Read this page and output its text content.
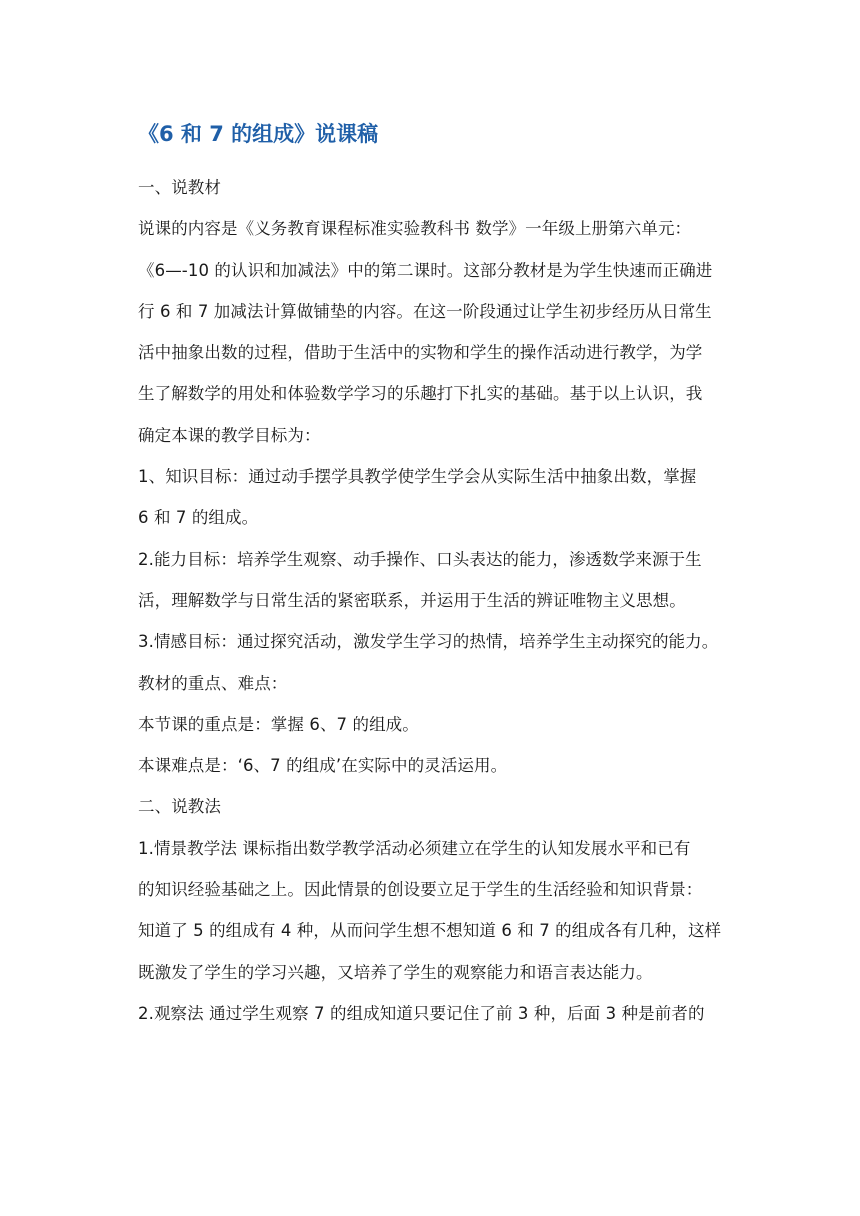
《6 和 7 的组成》说课稿
一、说教材
说课的内容是《义务教育课程标准实验教科书 数学》一年级上册第六单元：
《6—-10 的认识和加减法》中的第二课时。这部分教材是为学生快速而正确进
行 6 和 7 加减法计算做铺垫的内容。在这一阶段通过让学生初步经历从日常生
活中抽象出数的过程，借助于生活中的实物和学生的操作活动进行教学，为学
生了解数学的用处和体验数学学习的乐趣打下扎实的基础。基于以上认识，我
确定本课的教学目标为：
1、知识目标：通过动手摆学具教学使学生学会从实际生活中抽象出数，掌握
6 和 7 的组成。
2.能力目标：培养学生观察、动手操作、口头表达的能力，渗透数学来源于生
活，理解数学与日常生活的紧密联系，并运用于生活的辨证唯物主义思想。
3.情感目标：通过探究活动，激发学生学习的热情，培养学生主动探究的能力。
教材的重点、难点：
本节课的重点是：掌握 6、7 的组成。
本课难点是：‘6、7 的组成’在实际中的灵活运用。
二、说教法
1.情景教学法 课标指出数学教学活动必须建立在学生的认知发展水平和已有
的知识经验基础之上。因此情景的创设要立足于学生的生活经验和知识背景：
知道了 5 的组成有 4 种，从而问学生想不想知道 6 和 7 的组成各有几种，这样
既激发了学生的学习兴趣，又培养了学生的观察能力和语言表达能力。
2.观察法 通过学生观察 7 的组成知道只要记住了前 3 种，后面 3 种是前者的
